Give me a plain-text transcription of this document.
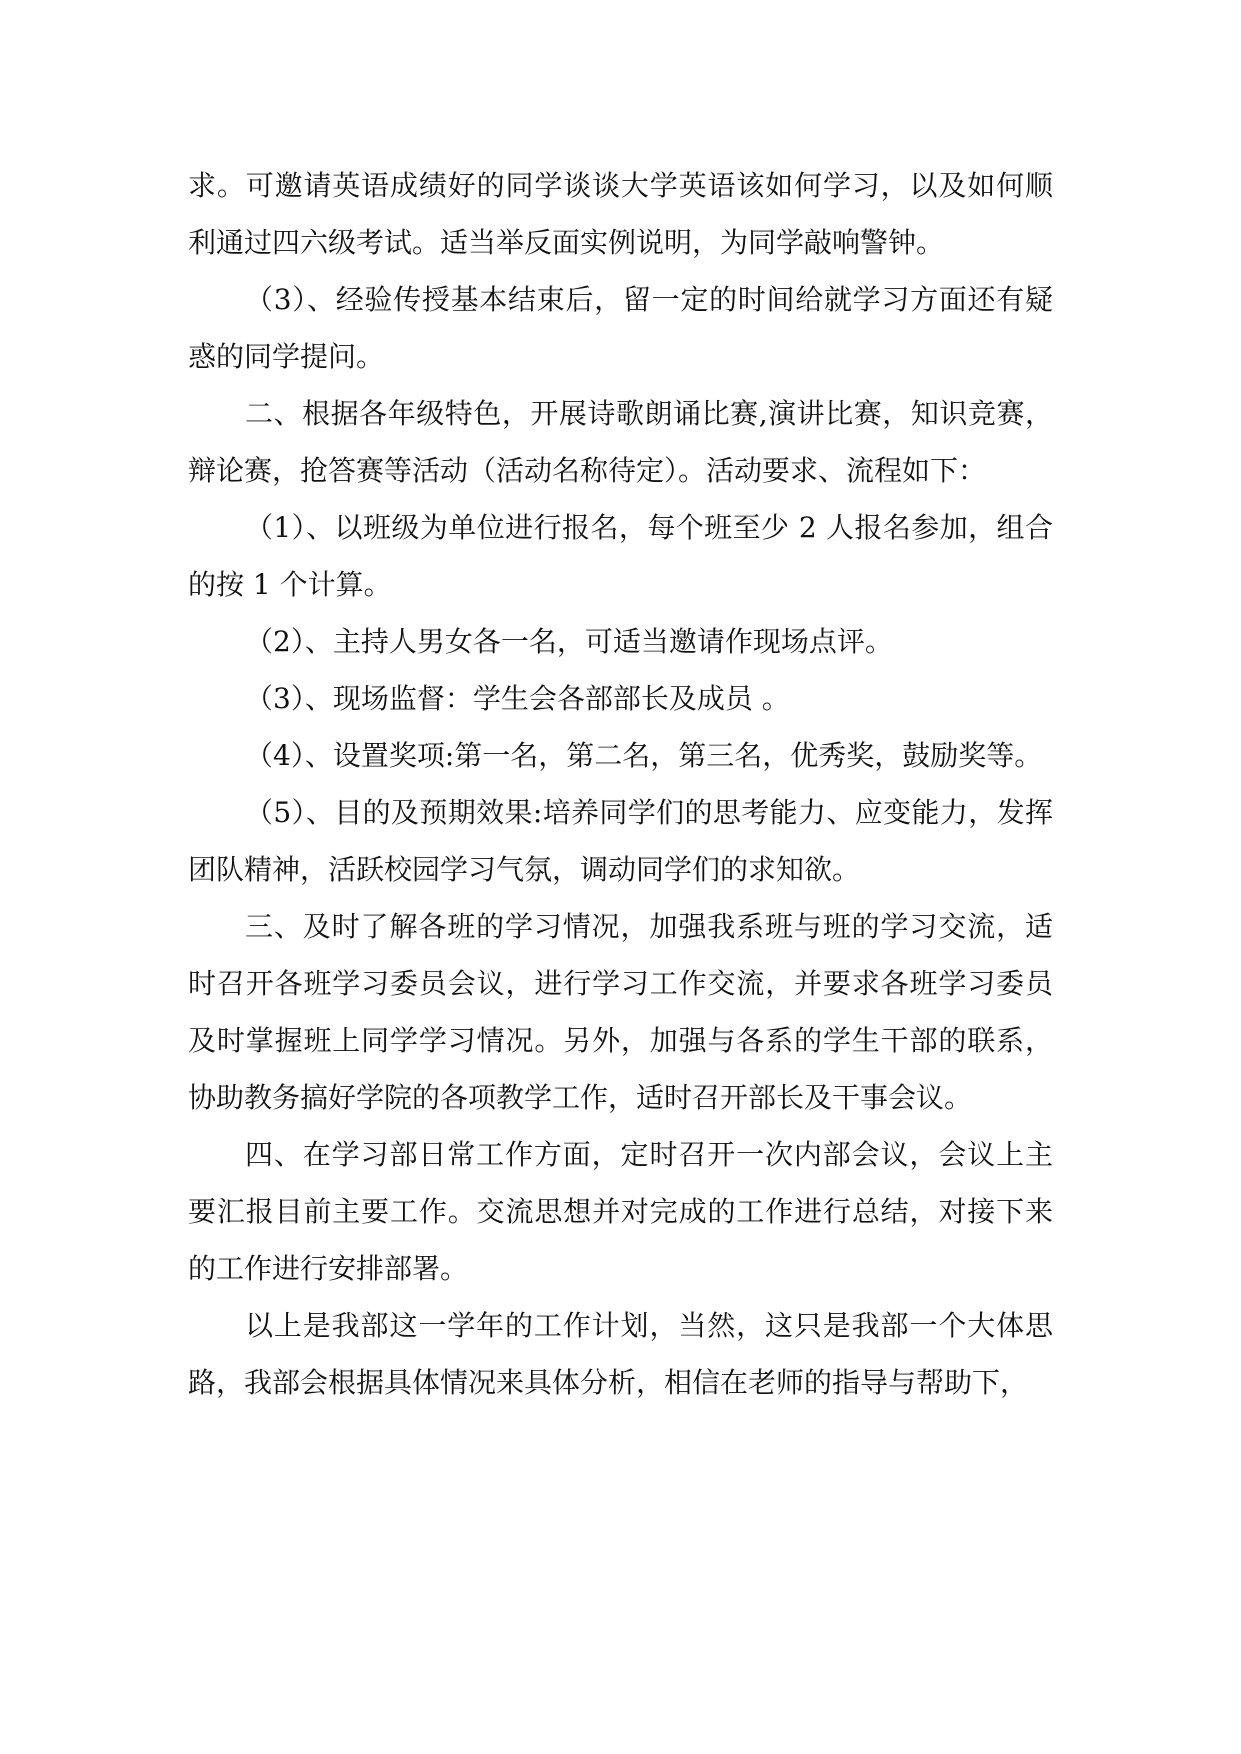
求。可邀请英语成绩好的同学谈谈大学英语该如何学习，以及如何顺利通过四六级考试。适当举反面实例说明，为同学敲响警钟。

（3）、经验传授基本结束后，留一定的时间给就学习方面还有疑惑的同学提问。

二、根据各年级特色，开展诗歌朗诵比赛,演讲比赛，知识竞赛，辩论赛，抢答赛等活动（活动名称待定）。活动要求、流程如下：

（1）、以班级为单位进行报名，每个班至少 2 人报名参加，组合的按 1 个计算。

（2）、主持人男女各一名，可适当邀请作现场点评。

（3）、现场监督：学生会各部部长及成员 。

（4）、设置奖项:第一名，第二名，第三名，优秀奖，鼓励奖等。

（5）、目的及预期效果:培养同学们的思考能力、应变能力，发挥团队精神，活跃校园学习气氛，调动同学们的求知欲。

三、及时了解各班的学习情况，加强我系班与班的学习交流，适时召开各班学习委员会议，进行学习工作交流，并要求各班学习委员及时掌握班上同学学习情况。另外，加强与各系的学生干部的联系，协助教务搞好学院的各项教学工作，适时召开部长及干事会议。

四、在学习部日常工作方面，定时召开一次内部会议，会议上主要汇报目前主要工作。交流思想并对完成的工作进行总结，对接下来的工作进行安排部署。

以上是我部这一学年的工作计划，当然，这只是我部一个大体思路，我部会根据具体情况来具体分析，相信在老师的指导与帮助下，
